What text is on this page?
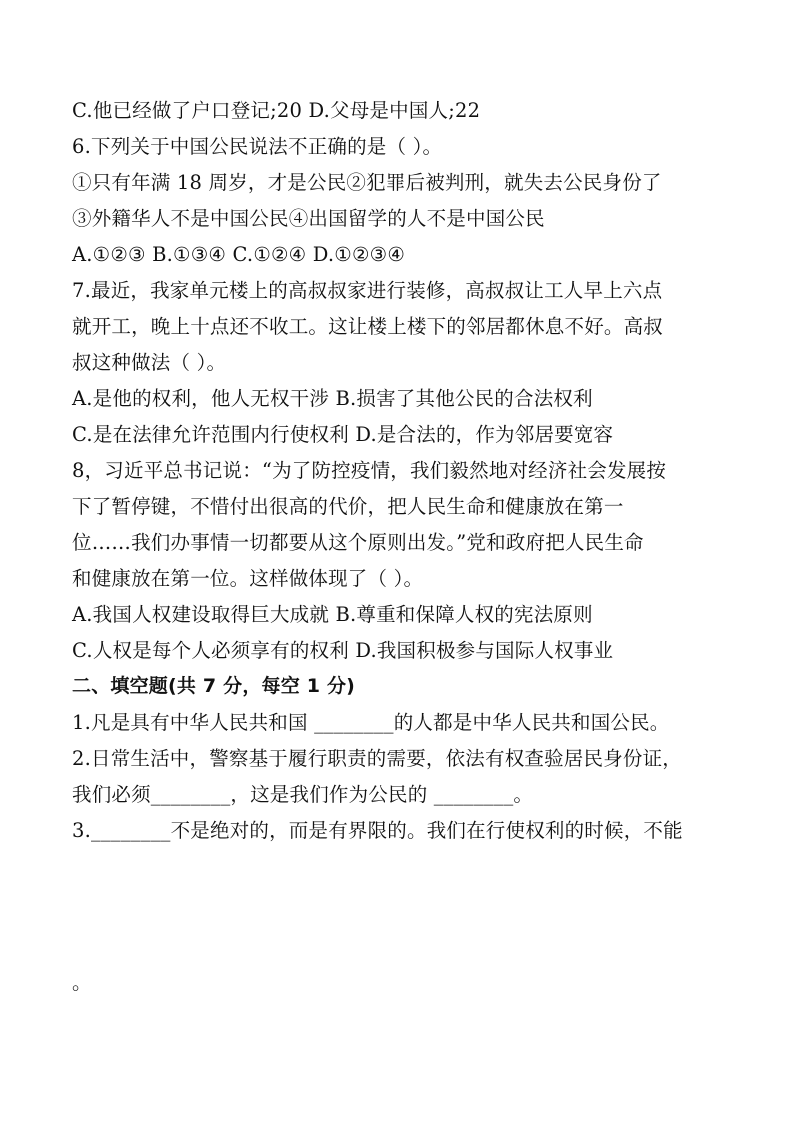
C.他已经做了户口登记;20 D.父母是中国人;22
6.下列关于中国公民说法不正确的是（ ）。
①只有年满 18 周岁，才是公民②犯罪后被判刑，就失去公民身份了
③外籍华人不是中国公民④出国留学的人不是中国公民
A.①②③ B.①③④ C.①②④ D.①②③④
7.最近，我家单元楼上的高叔叔家进行装修，高叔叔让工人早上六点
就开工，晚上十点还不收工。这让楼上楼下的邻居都休息不好。高叔
叔这种做法（ ）。
A.是他的权利，他人无权干涉 B.损害了其他公民的合法权利
C.是在法律允许范围内行使权利 D.是合法的，作为邻居要宽容
8，习近平总书记说：“为了防控疫情，我们毅然地对经济社会发展按
下了暂停键，不惜付出很高的代价，把人民生命和健康放在第一
位……我们办事情一切都要从这个原则出发。”党和政府把人民生命
和健康放在第一位。这样做体现了（ ）。
A.我国人权建设取得巨大成就 B.尊重和保障人权的宪法原则
C.人权是每个人必须享有的权利 D.我国积极参与国际人权事业
二、填空题(共 7 分，每空 1 分)
1.凡是具有中华人民共和国 ________的人都是中华人民共和国公民。
2.日常生活中，警察基于履行职责的需要，依法有权查验居民身份证，
我们必须________，这是我们作为公民的 ________。
3.________不是绝对的，而是有界限的。我们在行使权利的时候，不能
。
